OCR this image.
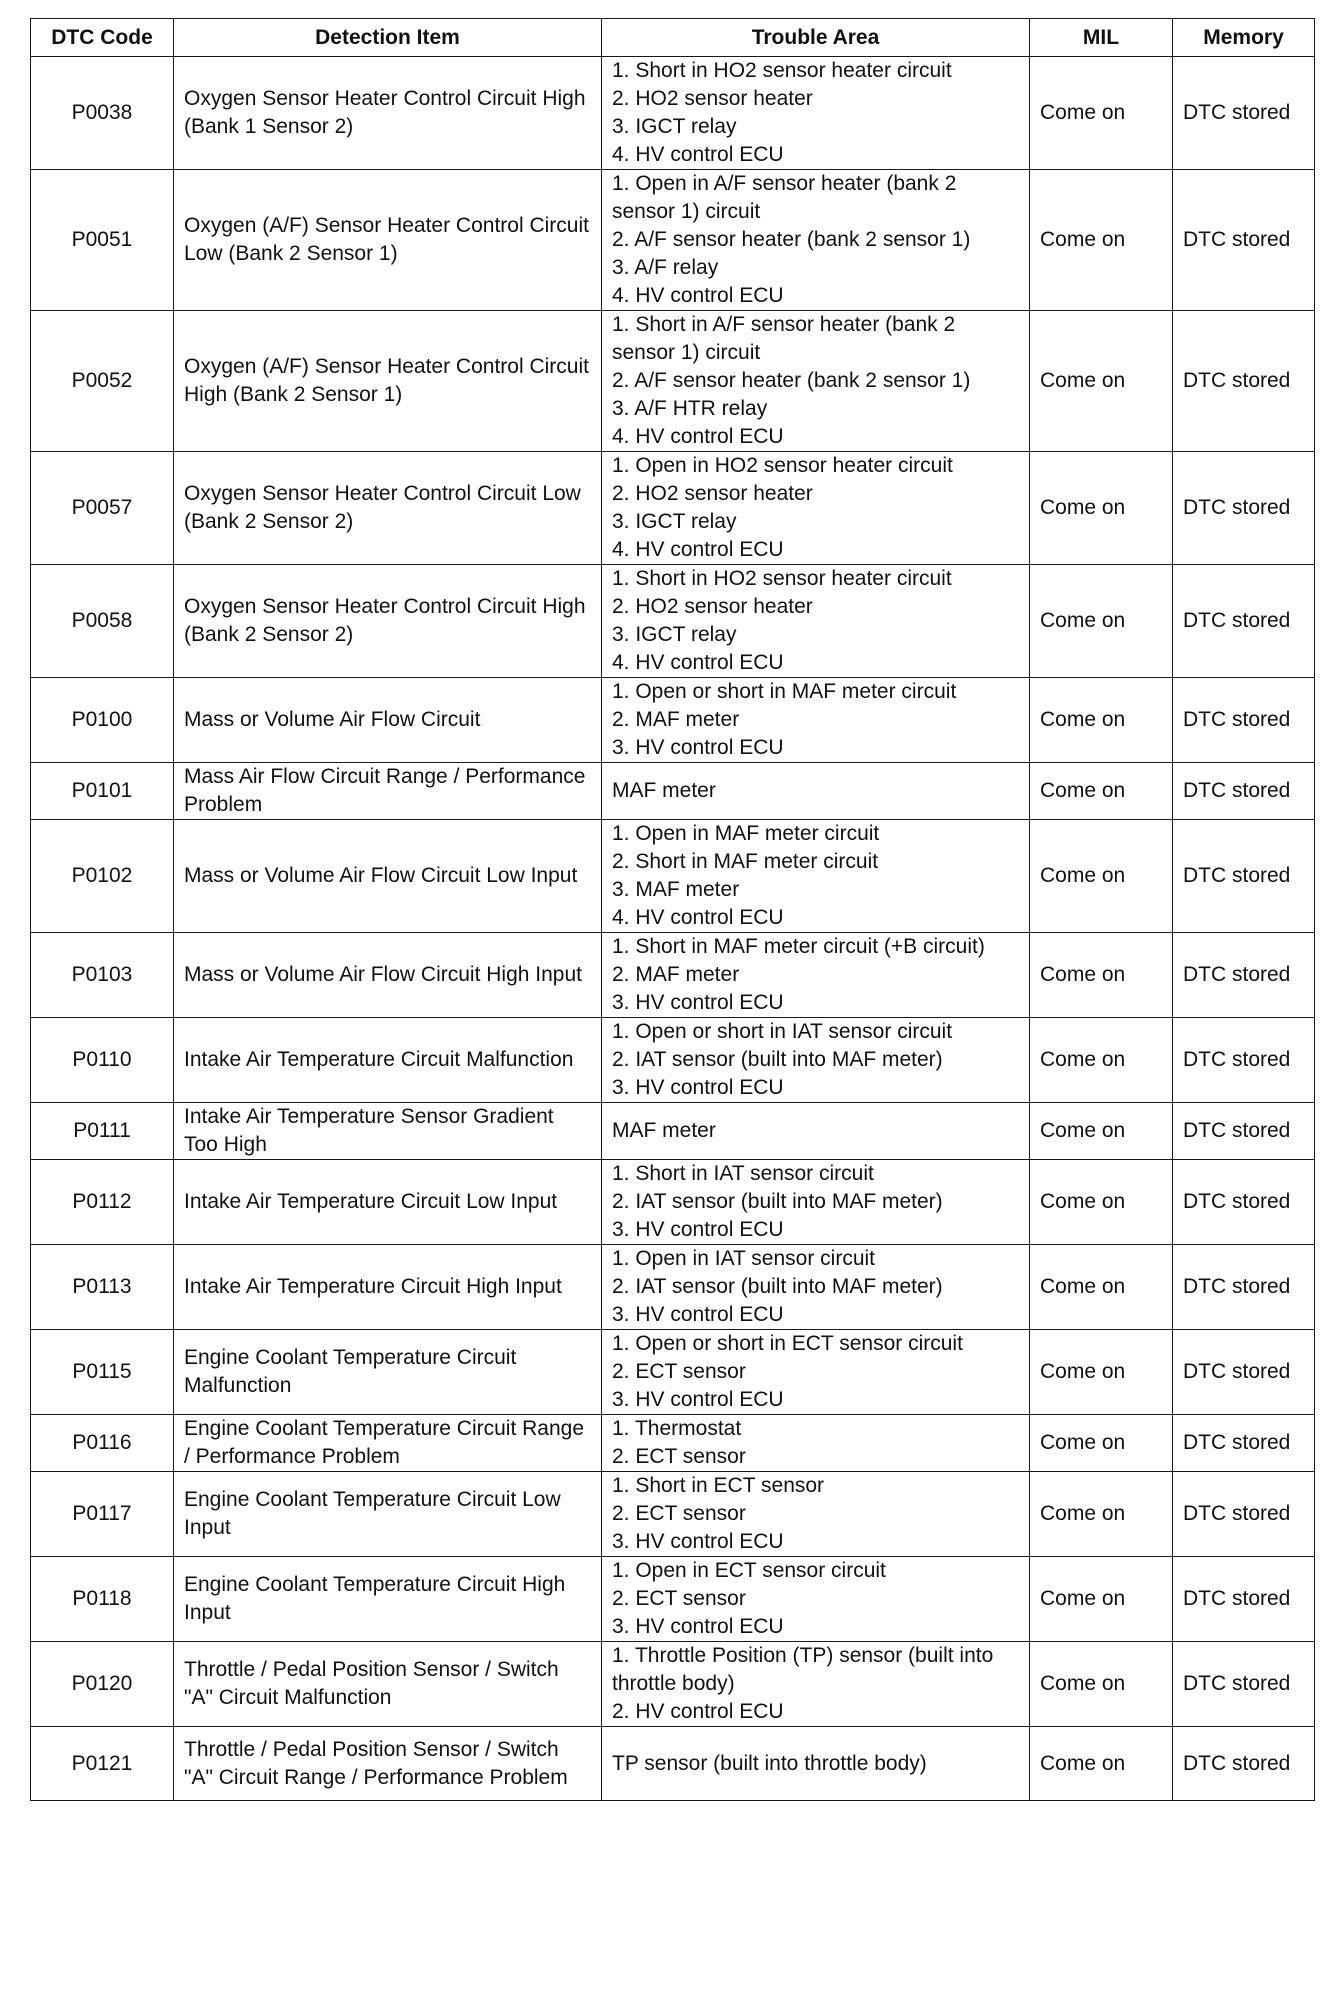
DTC Code	Detection Item	Trouble Area	MIL	Memory
P0038	Oxygen Sensor Heater Control Circuit High (Bank 1 Sensor 2)	1. Short in HO2 sensor heater circuit
2. HO2 sensor heater
3. IGCT relay
4. HV control ECU	Come on	DTC stored
P0051	Oxygen (A/F) Sensor Heater Control Circuit Low (Bank 2 Sensor 1)	1. Open in A/F sensor heater (bank 2 sensor 1) circuit
2. A/F sensor heater (bank 2 sensor 1)
3. A/F relay
4. HV control ECU	Come on	DTC stored
P0052	Oxygen (A/F) Sensor Heater Control Circuit High (Bank 2 Sensor 1)	1. Short in A/F sensor heater (bank 2 sensor 1) circuit
2. A/F sensor heater (bank 2 sensor 1)
3. A/F HTR relay
4. HV control ECU	Come on	DTC stored
P0057	Oxygen Sensor Heater Control Circuit Low (Bank 2 Sensor 2)	1. Open in HO2 sensor heater circuit
2. HO2 sensor heater
3. IGCT relay
4. HV control ECU	Come on	DTC stored
P0058	Oxygen Sensor Heater Control Circuit High (Bank 2 Sensor 2)	1. Short in HO2 sensor heater circuit
2. HO2 sensor heater
3. IGCT relay
4. HV control ECU	Come on	DTC stored
P0100	Mass or Volume Air Flow Circuit	1. Open or short in MAF meter circuit
2. MAF meter
3. HV control ECU	Come on	DTC stored
P0101	Mass Air Flow Circuit Range / Performance Problem	MAF meter	Come on	DTC stored
P0102	Mass or Volume Air Flow Circuit Low Input	1. Open in MAF meter circuit
2. Short in MAF meter circuit
3. MAF meter
4. HV control ECU	Come on	DTC stored
P0103	Mass or Volume Air Flow Circuit High Input	1. Short in MAF meter circuit (+B circuit)
2. MAF meter
3. HV control ECU	Come on	DTC stored
P0110	Intake Air Temperature Circuit Malfunction	1. Open or short in IAT sensor circuit
2. IAT sensor (built into MAF meter)
3. HV control ECU	Come on	DTC stored
P0111	Intake Air Temperature Sensor Gradient Too High	MAF meter	Come on	DTC stored
P0112	Intake Air Temperature Circuit Low Input	1. Short in IAT sensor circuit
2. IAT sensor (built into MAF meter)
3. HV control ECU	Come on	DTC stored
P0113	Intake Air Temperature Circuit High Input	1. Open in IAT sensor circuit
2. IAT sensor (built into MAF meter)
3. HV control ECU	Come on	DTC stored
P0115	Engine Coolant Temperature Circuit Malfunction	1. Open or short in ECT sensor circuit
2. ECT sensor
3. HV control ECU	Come on	DTC stored
P0116	Engine Coolant Temperature Circuit Range / Performance Problem	1. Thermostat
2. ECT sensor	Come on	DTC stored
P0117	Engine Coolant Temperature Circuit Low Input	1. Short in ECT sensor
2. ECT sensor
3. HV control ECU	Come on	DTC stored
P0118	Engine Coolant Temperature Circuit High Input	1. Open in ECT sensor circuit
2. ECT sensor
3. HV control ECU	Come on	DTC stored
P0120	Throttle / Pedal Position Sensor / Switch "A" Circuit Malfunction	1. Throttle Position (TP) sensor (built into throttle body)
2. HV control ECU	Come on	DTC stored
P0121	Throttle / Pedal Position Sensor / Switch "A" Circuit Range / Performance Problem	TP sensor (built into throttle body)	Come on	DTC stored
